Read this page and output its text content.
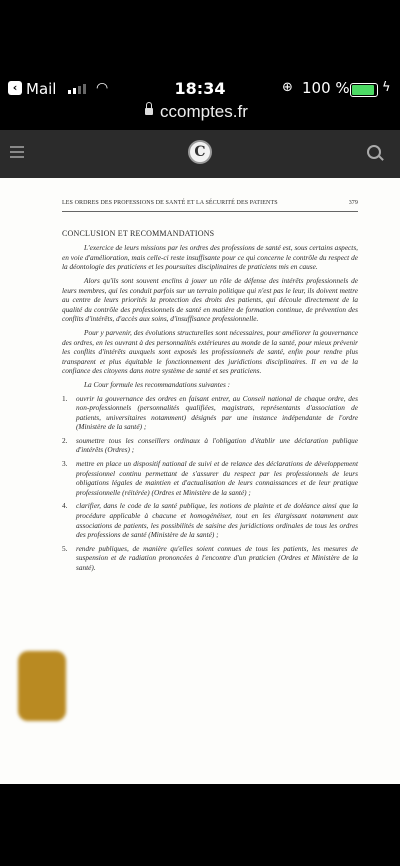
‹ Mail	◠	18:34	⊕ 100 % ϟ
ccomptes.fr
C
LES ORDRES DES PROFESSIONS DE SANTÉ ET LA SÉCURITÉ DES PATIENTS	379
CONCLUSION ET RECOMMANDATIONS

L'exercice de leurs missions par les ordres des professions de santé est, sous certains aspects, en voie d'amélioration, mais celle-ci reste insuffisante pour ce qui concerne le contrôle du respect de la déontologie des praticiens et les poursuites disciplinaires de praticiens mis en cause.

Alors qu'ils sont souvent enclins à jouer un rôle de défense des intérêts professionnels de leurs membres, qui les conduit parfois sur un terrain politique qui n'est pas le leur, ils doivent mettre au centre de leurs priorités la protection des droits des patients, qui découle directement de la qualité du contrôle des professionnels de santé en matière de formation continue, de prévention des conflits d'intérêts, d'accès aux soins, d'insuffisance professionnelle.

Pour y parvenir, des évolutions structurelles sont nécessaires, pour améliorer la gouvernance des ordres, en les ouvrant à des personnalités extérieures au monde de la santé, pour mieux prévenir les conflits d'intérêts auxquels sont exposés les professionnels de santé, enfin pour rendre plus transparent et plus équitable le fonctionnement des juridictions disciplinaires. Il en va de la confiance des citoyens dans notre système de santé et ses praticiens.

La Cour formule les recommandations suivantes :
1.	ouvrir la gouvernance des ordres en faisant entrer, au Conseil national de chaque ordre, des non-professionnels (personnalités qualifiées, magistrats, représentants d'association de patients, universitaires notamment) désignés par une instance indépendante de l'ordre (Ministère de la santé) ;
2.	soumettre tous les conseillers ordinaux à l'obligation d'établir une déclaration publique d'intérêts (Ordres) ;
3.	mettre en place un dispositif national de suivi et de relance des déclarations de développement professionnel continu permettant de s'assurer du respect par les professionnels de leurs obligations légales de maintien et d'actualisation de leurs connaissances et de leur pratique professionnelle (réitérée) (Ordres et Ministère de la santé) ;
4.	clarifier, dans le code de la santé publique, les notions de plainte et de doléance ainsi que la procédure applicable à chacune et homogénéiser, tout en les élargissant notamment aux associations de patients, les possibilités de saisine des juridictions ordinales de tous les ordres des professions de santé (Ministère de la santé) ;
5.	rendre publiques, de manière qu'elles soient connues de tous les patients, les mesures de suspension et de radiation prononcées à l'encontre d'un praticien (Ordres et Ministère de la santé).
